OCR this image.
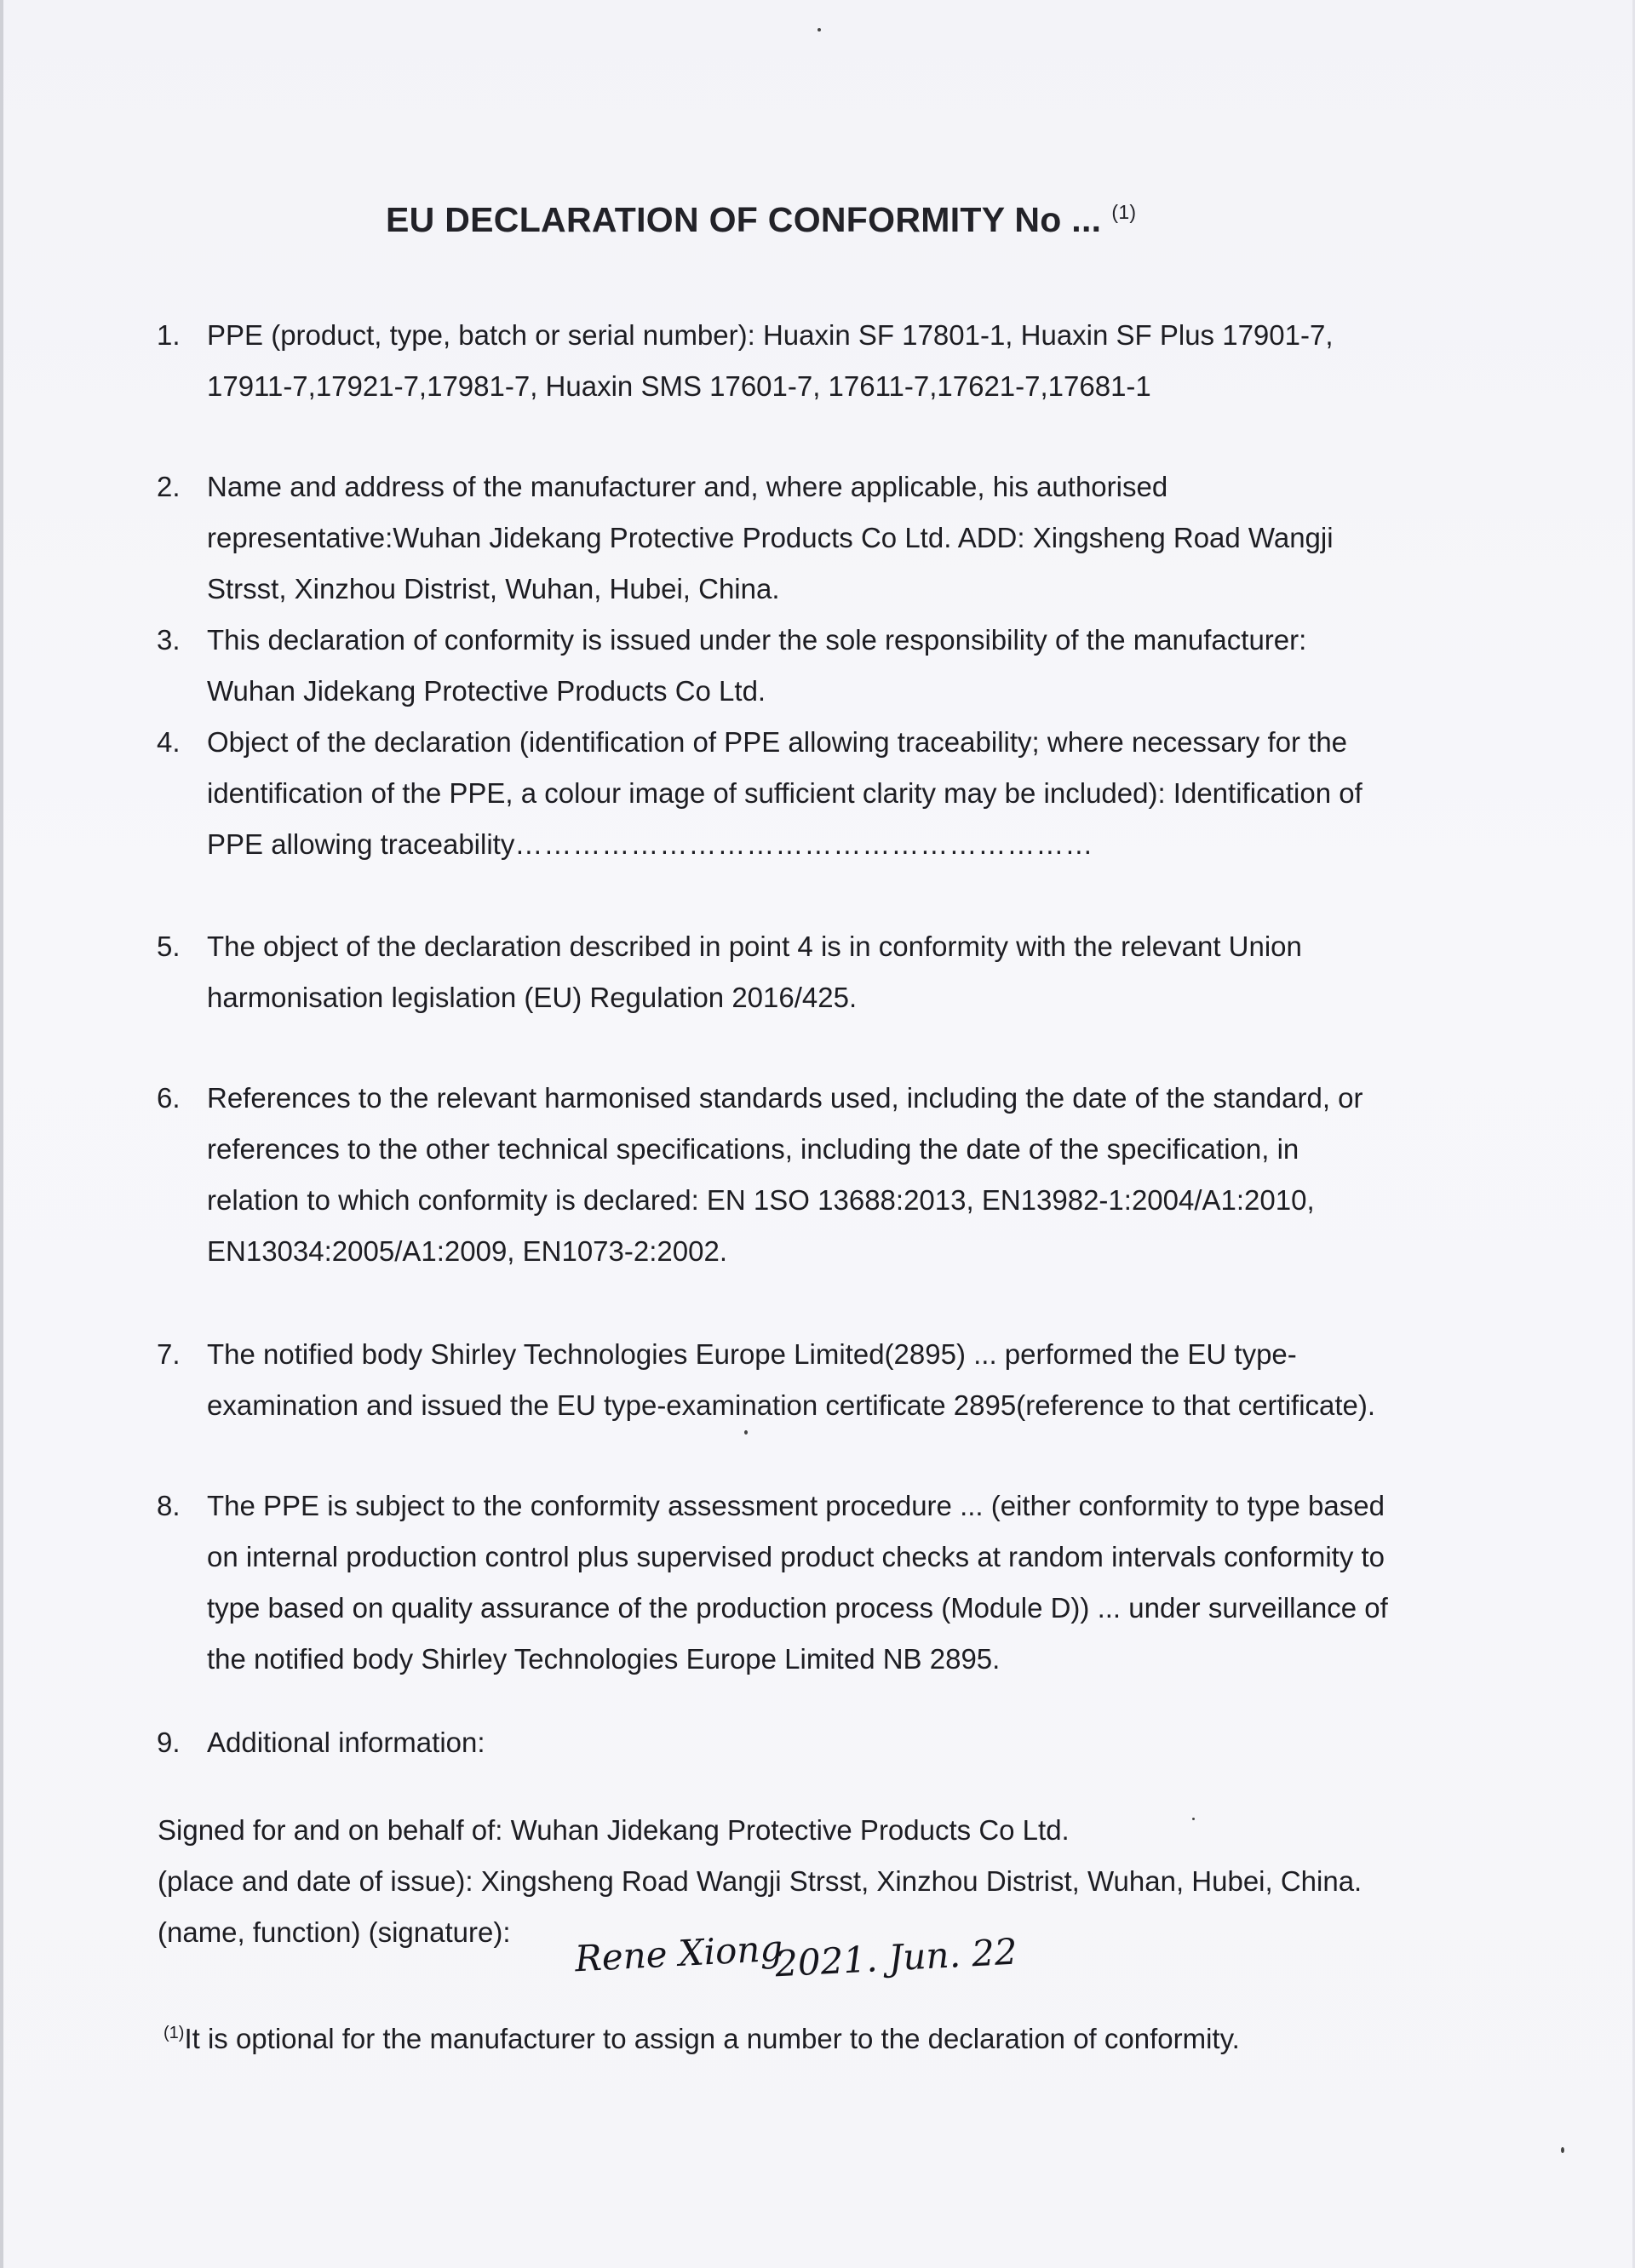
EU DECLARATION OF CONFORMITY No ... $^{(1)}$
1. PPE (product, type, batch or serial number): Huaxin SF 17801-1, Huaxin SF Plus 17901-7,
17911-7,17921-7,17981-7, Huaxin SMS 17601-7, 17611-7,17621-7,17681-1
2. Name and address of the manufacturer and, where applicable, his authorised
representative:Wuhan Jidekang Protective Products Co Ltd. ADD: Xingsheng Road Wangji
Strsst, Xinzhou Distrist, Wuhan, Hubei, China.
3. This declaration of conformity is issued under the sole responsibility of the manufacturer:
Wuhan Jidekang Protective Products Co Ltd.
4. Object of the declaration (identification of PPE allowing traceability; where necessary for the
identification of the PPE, a colour image of sufficient clarity may be included): Identification of
PPE allowing traceability……………………………………………………
5. The object of the declaration described in point 4 is in conformity with the relevant Union
harmonisation legislation (EU) Regulation 2016/425.
6. References to the relevant harmonised standards used, including the date of the standard, or
references to the other technical specifications, including the date of the specification, in
relation to which conformity is declared: EN 1SO 13688:2013, EN13982-1:2004/A1:2010,
EN13034:2005/A1:2009, EN1073-2:2002.
7. The notified body Shirley Technologies Europe Limited(2895) ... performed the EU type-
examination and issued the EU type-examination certificate 2895(reference to that certificate).
8. The PPE is subject to the conformity assessment procedure ... (either conformity to type based
on internal production control plus supervised product checks at random intervals conformity to
type based on quality assurance of the production process (Module D)) ... under surveillance of
the notified body Shirley Technologies Europe Limited NB 2895.
9. Additional information:
Signed for and on behalf of: Wuhan Jidekang Protective Products Co Ltd.
(place and date of issue): Xingsheng Road Wangji Strsst, Xinzhou Distrist, Wuhan, Hubei, China.
(name, function) (signature):	Rene Xiong
2021. Jun. 22
$^{(1)}$It is optional for the manufacturer to assign a number to the declaration of conformity.
